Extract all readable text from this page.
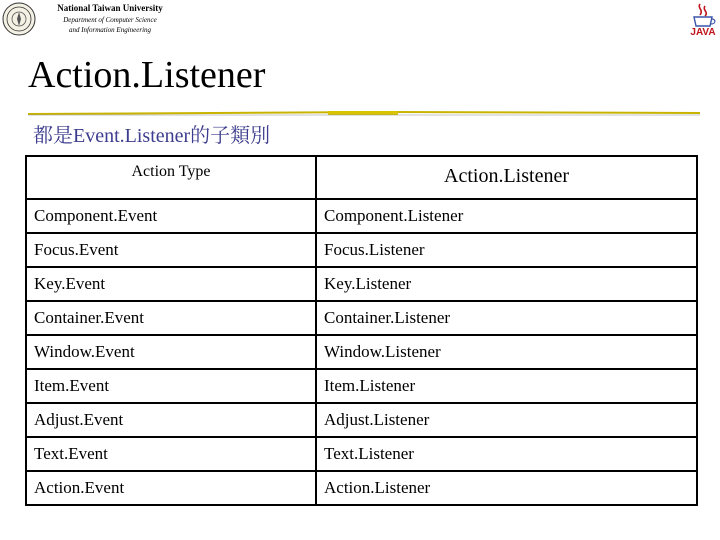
National Taiwan University
Department of Computer Science
and Information Engineering	JAVA
Action.Listener
都是Event.Listener的子類別
Action Type	Action.Listener
Component.Event	Component.Listener
Focus.Event	Focus.Listener
Key.Event	Key.Listener
Container.Event	Container.Listener
Window.Event	Window.Listener
Item.Event	Item.Listener
Adjust.Event	Adjust.Listener
Text.Event	Text.Listener
Action.Event	Action.Listener
